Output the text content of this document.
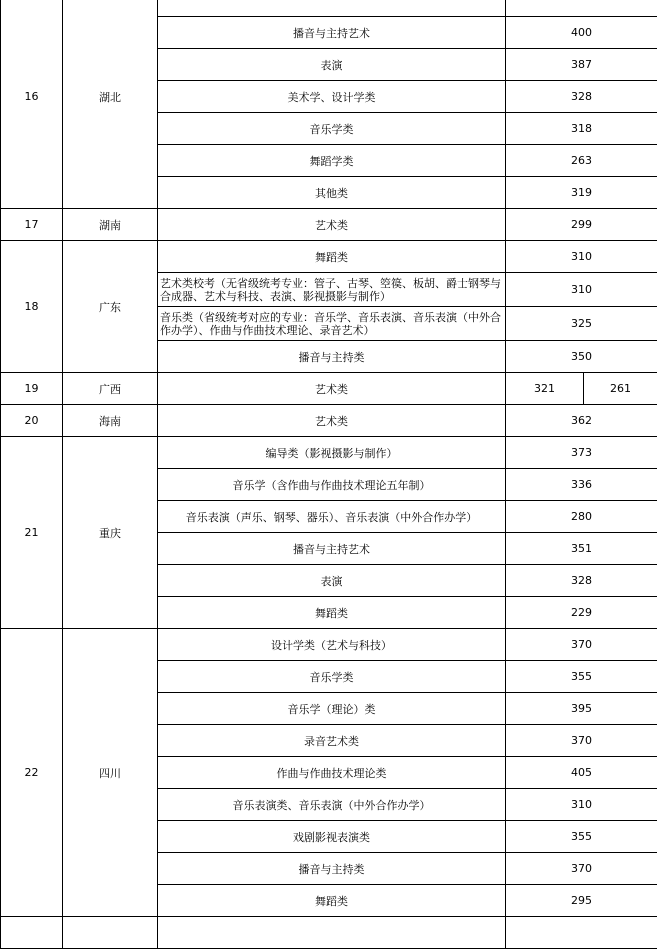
16	湖北			
		播音与主持艺术	400	
		表演	387	
		美术学、设计学类	328	
		音乐学类	318	
		舞蹈学类	263	
		其他类	319	
17	湖南	艺术类	299	
18	广东	舞蹈类	310	
		艺术类校考（无省级统考专业：管子、古琴、箜篌、板胡、爵士钢琴与合成器、艺术与科技、表演、影视摄影与制作）	310	
		音乐类（省级统考对应的专业：音乐学、音乐表演、音乐表演（中外合作办学）、作曲与作曲技术理论、录音艺术）	325	
		播音与主持类	350	
19	广西	艺术类	321	261
20	海南	艺术类	362	
21	重庆	编导类（影视摄影与制作）	373	
		音乐学（含作曲与作曲技术理论五年制）	336	
		音乐表演（声乐、钢琴、器乐）、音乐表演（中外合作办学）	280	
		播音与主持艺术	351	
		表演	328	
		舞蹈类	229	
22	四川	设计学类（艺术与科技）	370	
		音乐学类	355	
		音乐学（理论）类	395	
		录音艺术类	370	
		作曲与作曲技术理论类	405	
		音乐表演类、音乐表演（中外合作办学）	310	
		戏剧影视表演类	355	
		播音与主持类	370	
		舞蹈类	295	
